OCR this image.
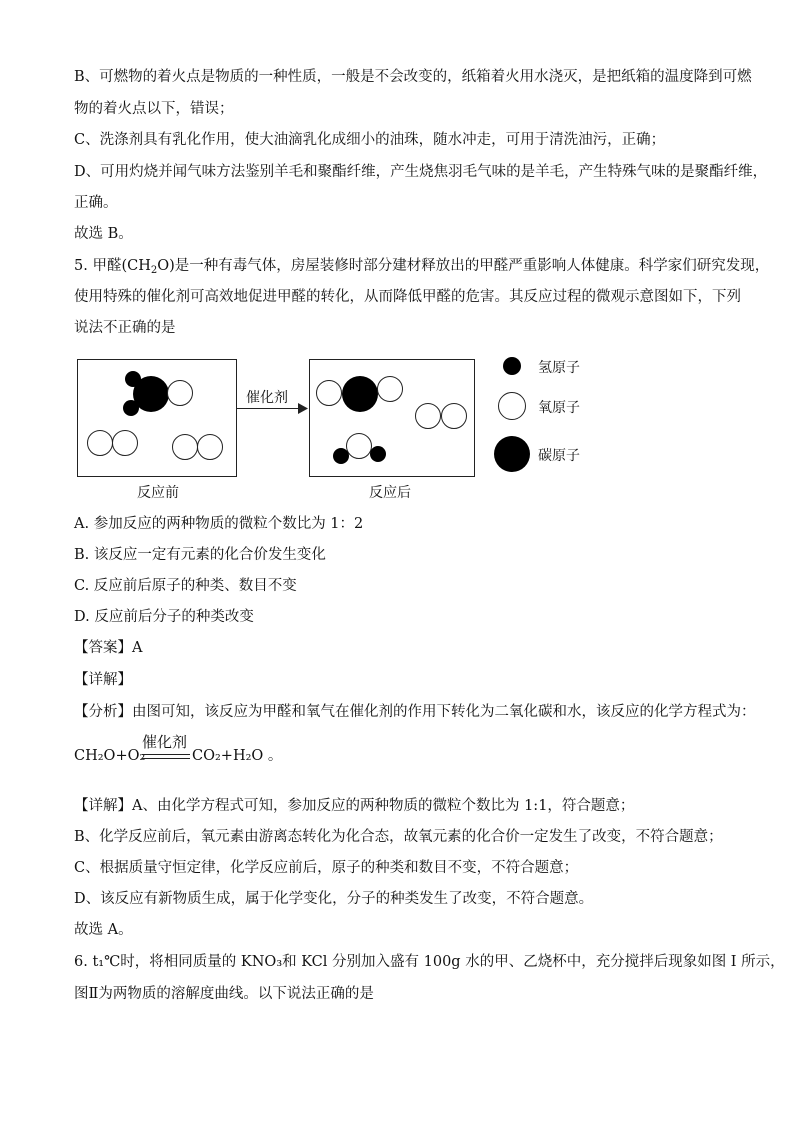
B、可燃物的着火点是物质的一种性质，一般是不会改变的，纸箱着火用水浇灭，是把纸箱的温度降到可燃
物的着火点以下，错误；
C、洗涤剂具有乳化作用，使大油滴乳化成细小的油珠，随水冲走，可用于清洗油污，正确；
D、可用灼烧并闻气味方法鉴别羊毛和聚酯纤维，产生烧焦羽毛气味的是羊毛，产生特殊气味的是聚酯纤维，
正确。
故选 B。
5. 甲醛$(CH_2O)$是一种有毒气体，房屋装修时部分建材释放出的甲醛严重影响人体健康。科学家们研究发现，
使用特殊的催化剂可高效地促进甲醛的转化，从而降低甲醛的危害。其反应过程的微观示意图如下，下列
说法不正确的是
催化剂
反应前	反应后
氢原子
氧原子
碳原子
A. 参加反应的两种物质的微粒个数比为 1：2
B. 该反应一定有元素的化合价发生变化
C. 反应前后原子的种类、数目不变
D. 反应前后分子的种类改变
【答案】A
【详解】
【分析】由图可知，该反应为甲醛和氧气在催化剂的作用下转化为二氧化碳和水，该反应的化学方程式为：
催化剂
CH₂O+O₂	CO₂+H₂O 。
【详解】A、由化学方程式可知，参加反应的两种物质的微粒个数比为 1:1，符合题意；
B、化学反应前后，氧元素由游离态转化为化合态，故氧元素的化合价一定发生了改变，不符合题意；
C、根据质量守恒定律，化学反应前后，原子的种类和数目不变，不符合题意；
D、该反应有新物质生成，属于化学变化，分子的种类发生了改变，不符合题意。
故选 A。
6. t₁℃时，将相同质量的 KNO₃和 KCl 分别加入盛有 100g 水的甲、乙烧杯中，充分搅拌后现象如图 I 所示，
图Ⅱ为两物质的溶解度曲线。以下说法正确的是
